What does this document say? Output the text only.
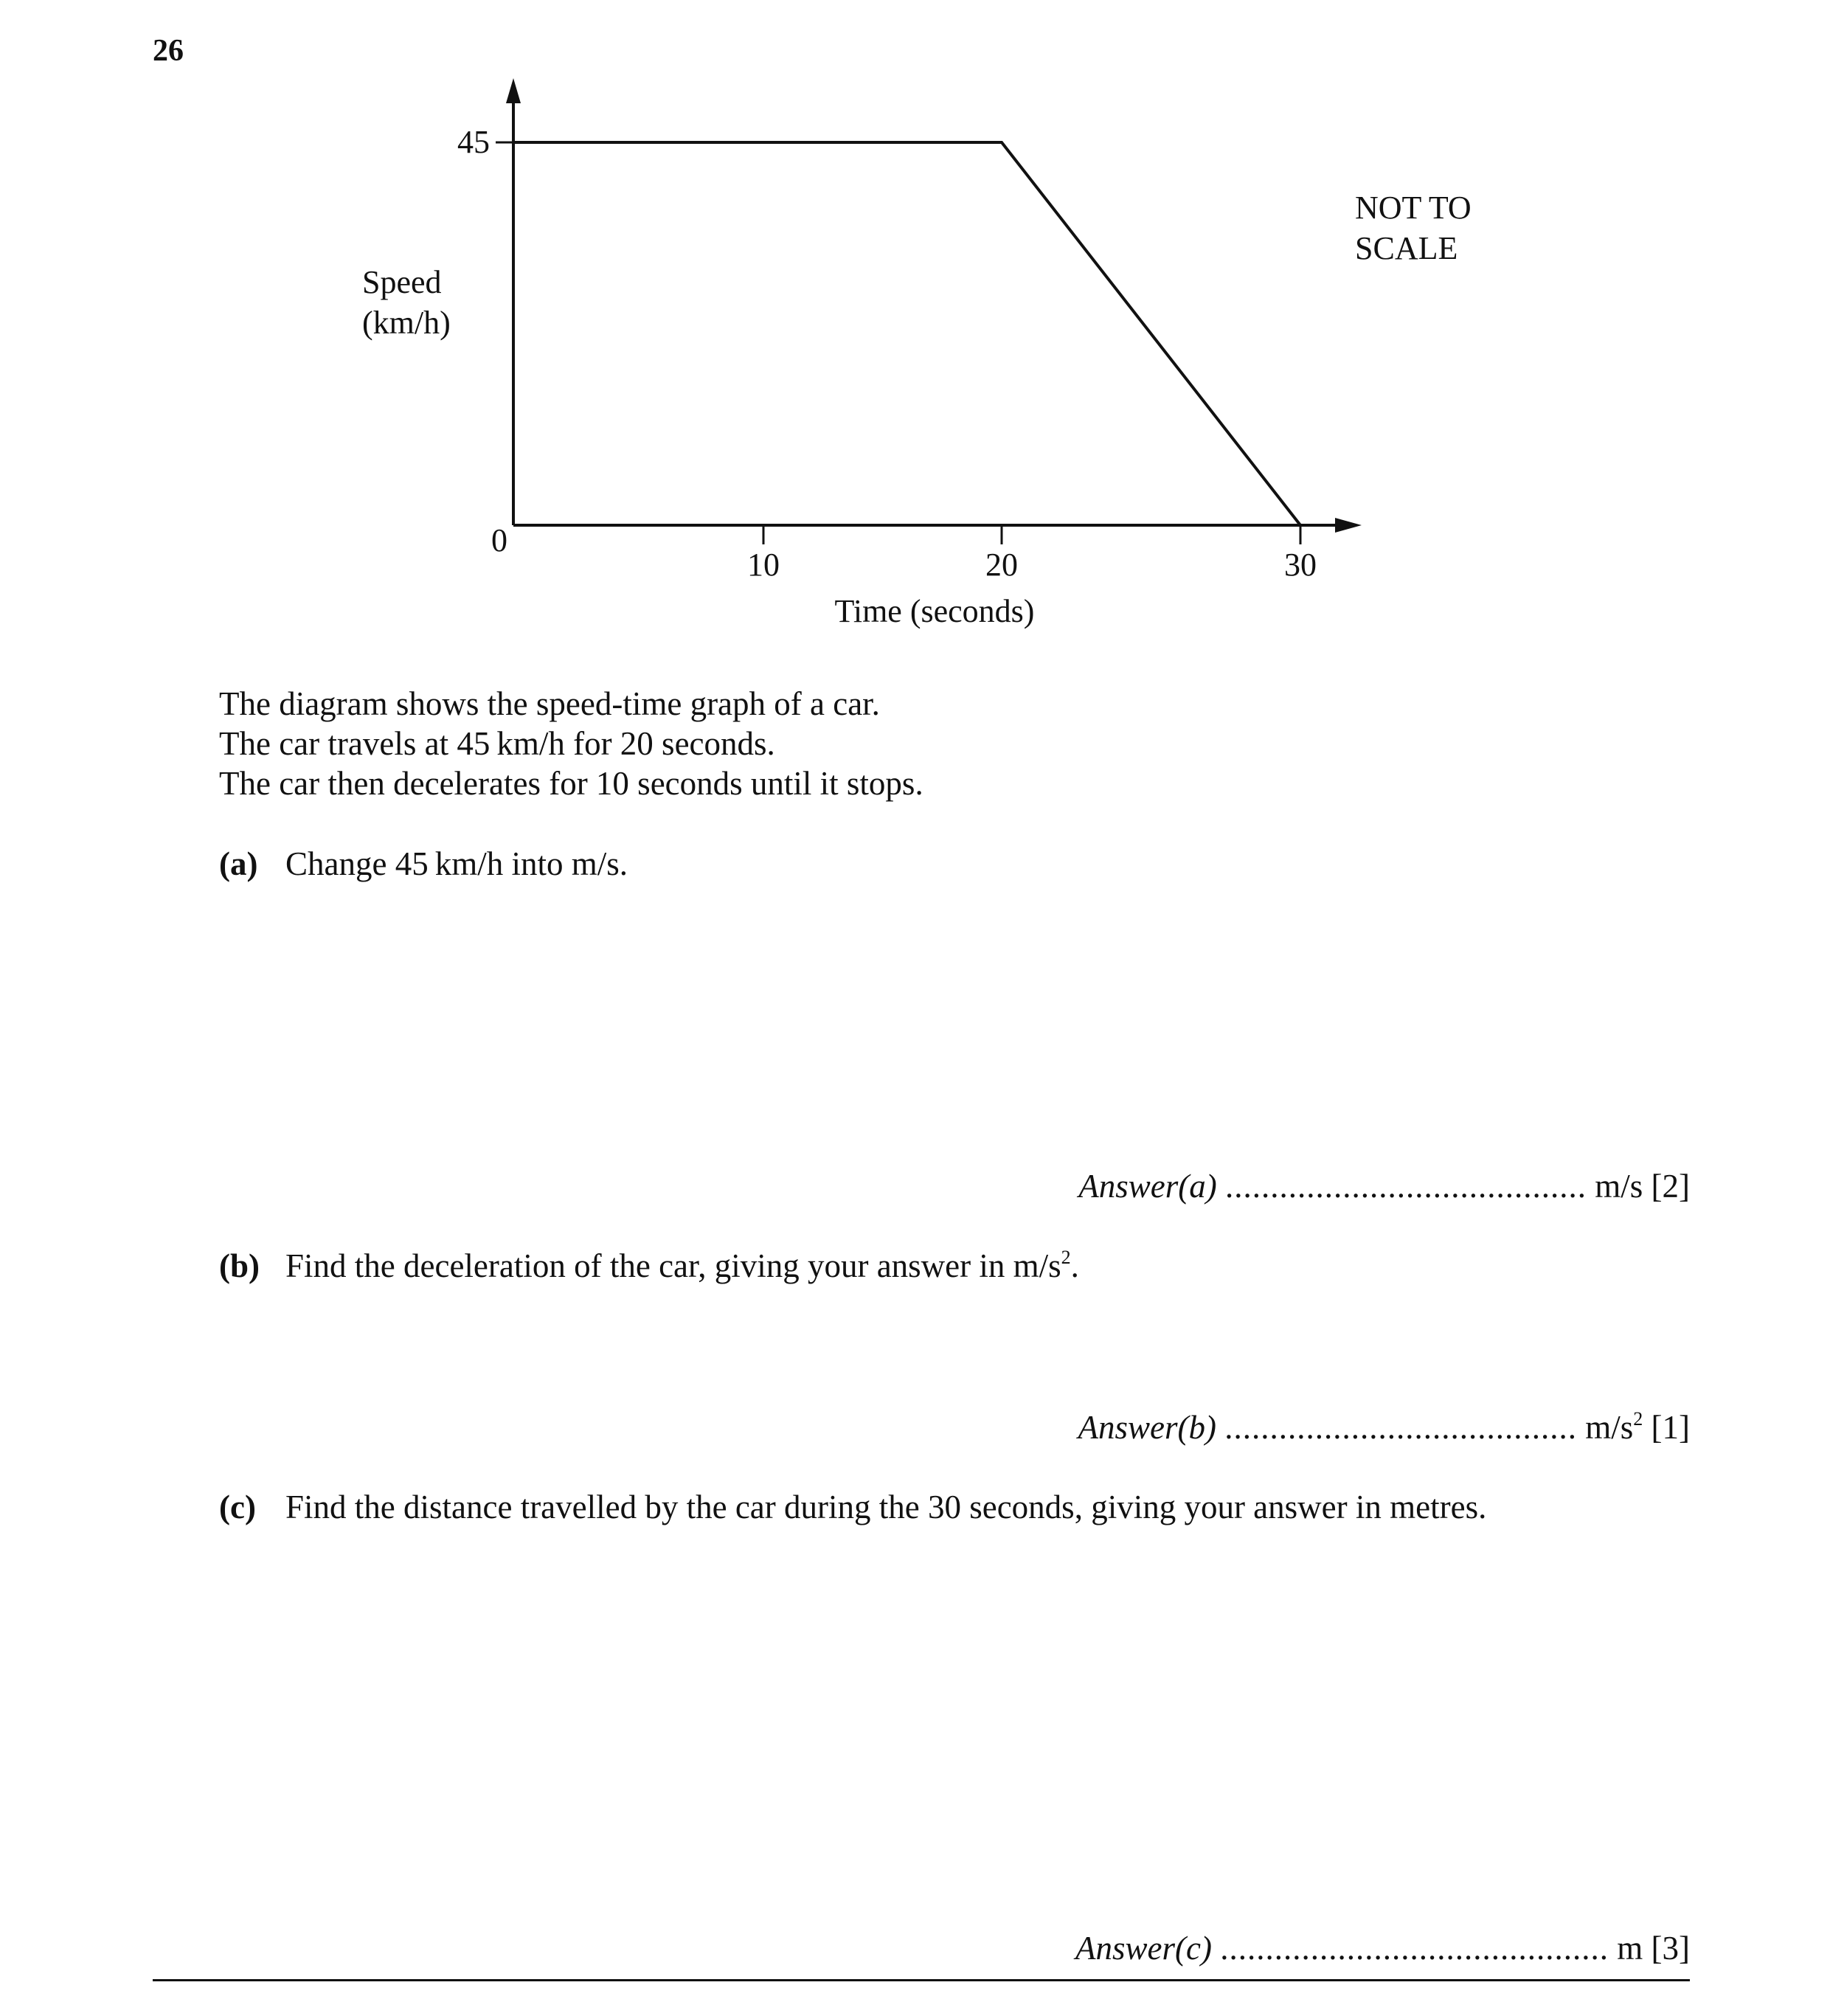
26
45
0
10	20	30
Speed
(km/h)
Time (seconds)
NOT TO
SCALE
The diagram shows the speed-time graph of a car.
The car travels at 45 km/h for 20 seconds.
The car then decelerates for 10 seconds until it stops.
(a) Change 45 km/h into m/s.
Answer(a) ........................................ m/s [2]
(b) Find the deceleration of the car, giving your answer in $m/s^2$.
Answer(b) ....................................... $m/s^2$ [1]
(c) Find the distance travelled by the car during the 30 seconds, giving your answer in metres.
Answer(c) ........................................... m [3]
